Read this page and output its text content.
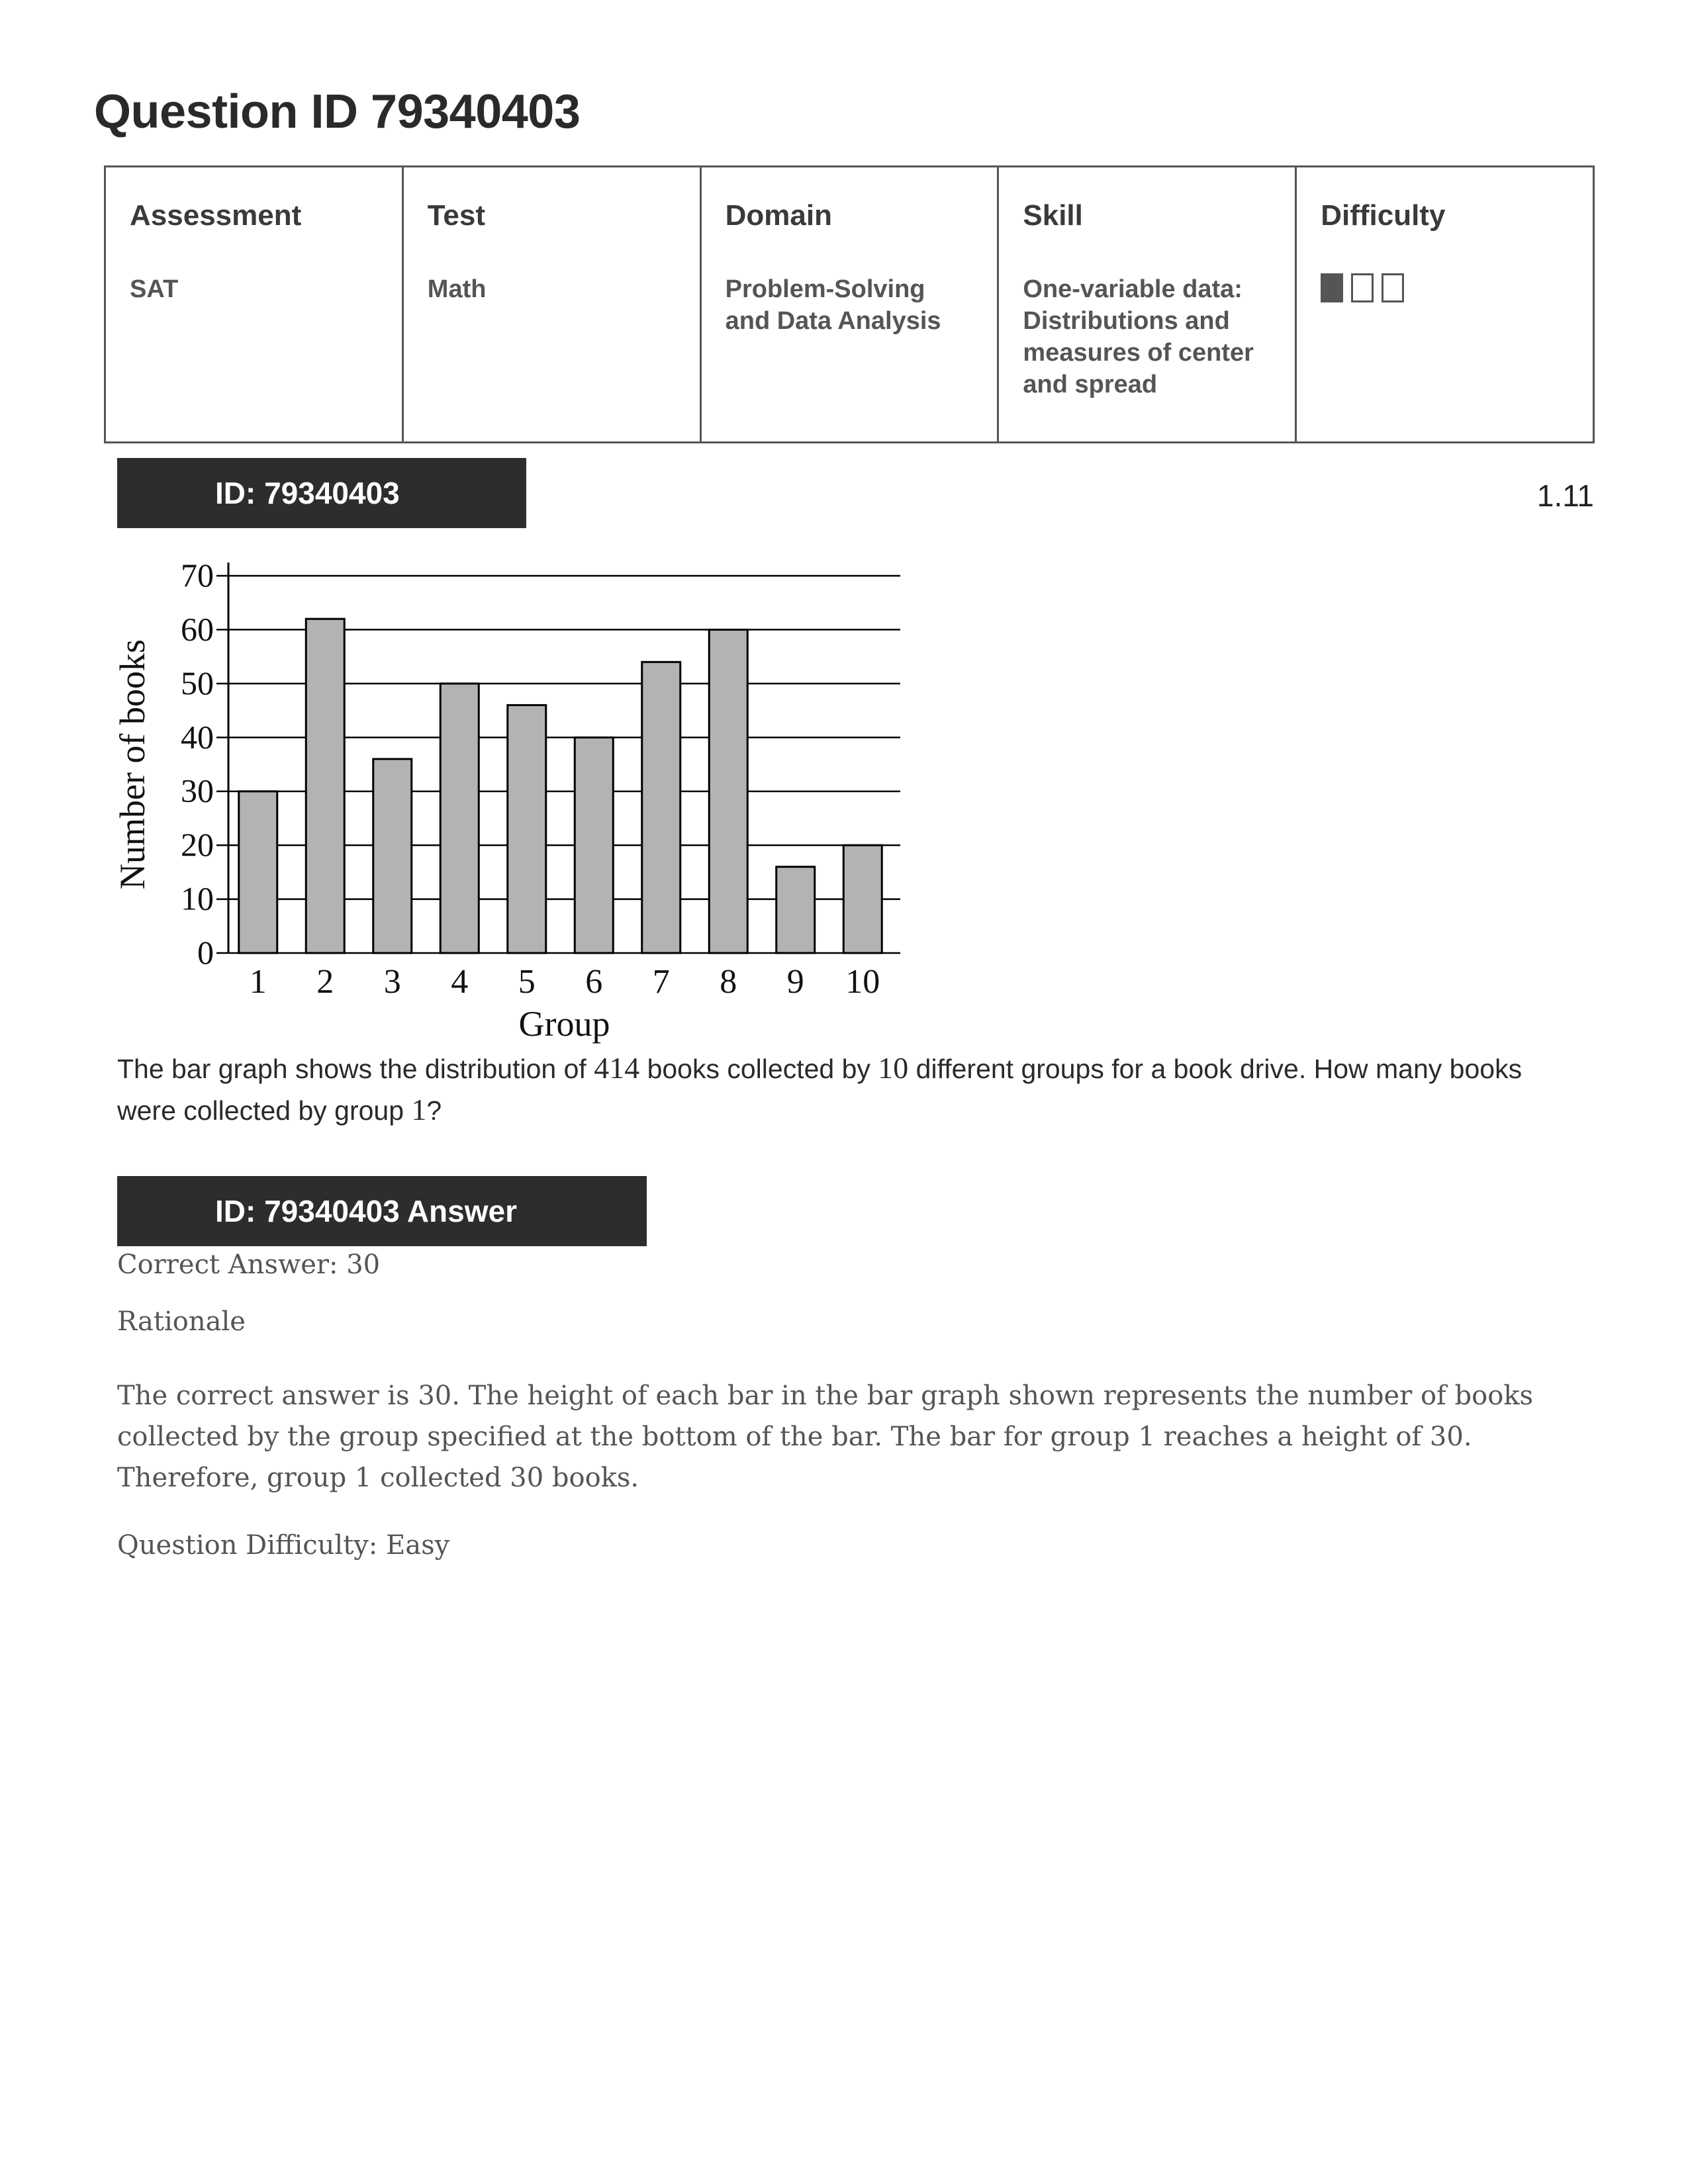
Question ID 79340403
Assessment
SAT

Test
Math

Domain
Problem-Solving and Data Analysis

Skill
One-variable data: Distributions and measures of center and spread

Difficulty
ID: 79340403	1.11
0
10
20
30
40
50
60
70
1 2 3 4 5 6 7 8 9 10
Group
Number of books

The bar graph shows the distribution of 414 books collected by 10 different groups for a book drive. How many books were collected by group 1?

ID: 79340403 Answer

Correct Answer: 30

Rationale

The correct answer is 30. The height of each bar in the bar graph shown represents the number of books collected by the group specified at the bottom of the bar. The bar for group 1 reaches a height of 30. Therefore, group 1 collected 30 books.

Question Difficulty: Easy
